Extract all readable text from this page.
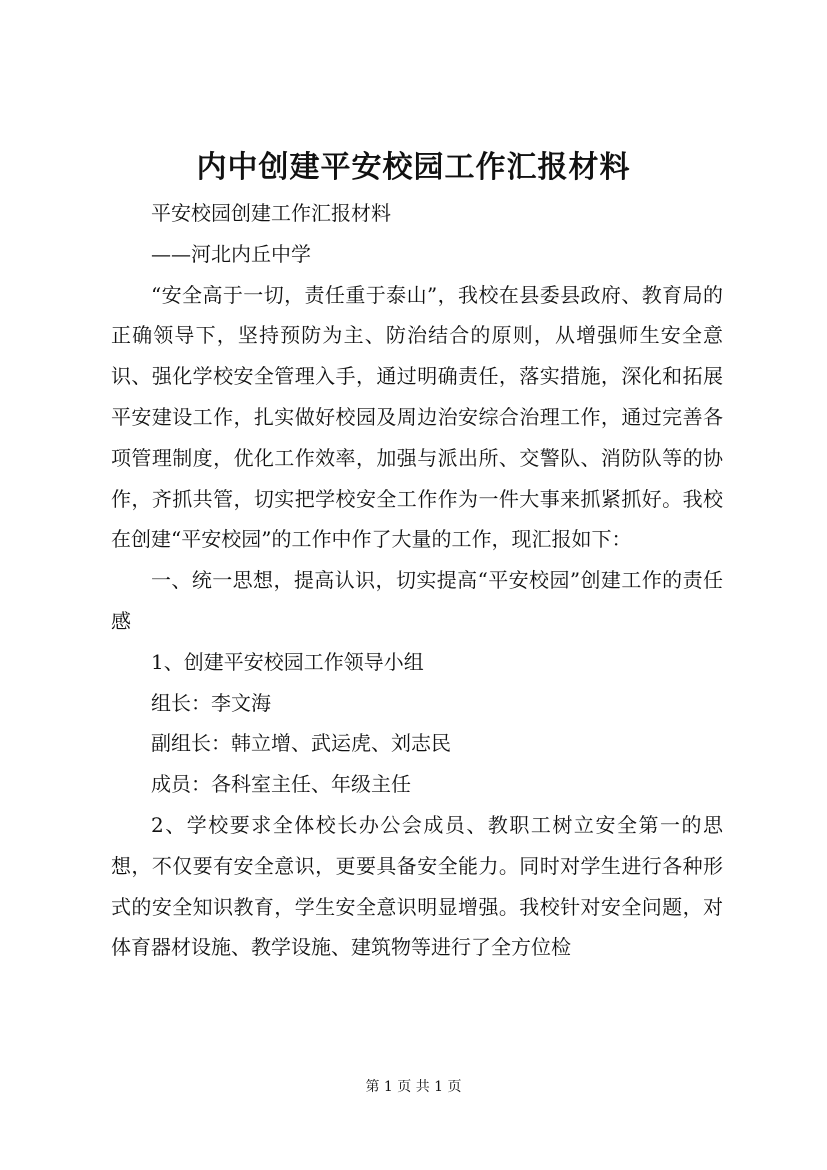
内中创建平安校园工作汇报材料

平安校园创建工作汇报材料

——河北内丘中学

“安全高于一切，责任重于泰山”，我校在县委县政府、教育局的正确领导下，坚持预防为主、防治结合的原则，从增强师生安全意识、强化学校安全管理入手，通过明确责任，落实措施，深化和拓展平安建设工作，扎实做好校园及周边治安综合治理工作，通过完善各项管理制度，优化工作效率，加强与派出所、交警队、消防队等的协作，齐抓共管，切实把学校安全工作作为一件大事来抓紧抓好。我校在创建“平安校园”的工作中作了大量的工作，现汇报如下：

一、统一思想，提高认识，切实提高“平安校园”创建工作的责任感

1、创建平安校园工作领导小组

组长：李文海

副组长：韩立增、武运虎、刘志民

成员：各科室主任、年级主任

2、学校要求全体校长办公会成员、教职工树立安全第一的思想，不仅要有安全意识，更要具备安全能力。同时对学生进行各种形式的安全知识教育，学生安全意识明显增强。我校针对安全问题，对体育器材设施、教学设施、建筑物等进行了全方位检

第 1 页 共 1 页
